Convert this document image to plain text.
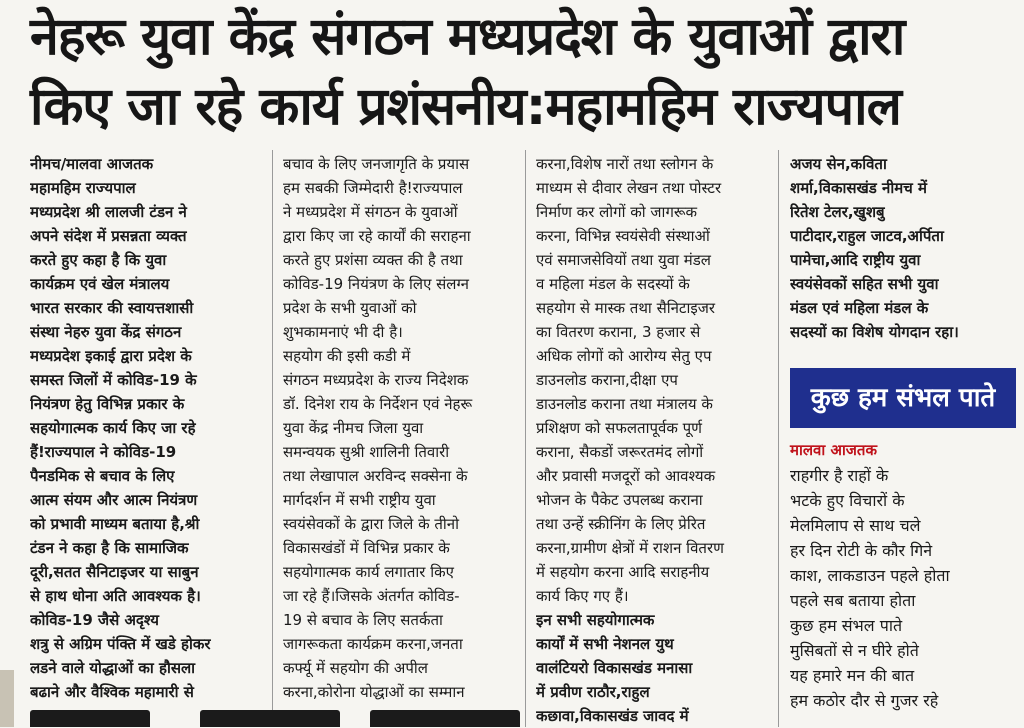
नेहरू युवा केंद्र संगठन मध्यप्रदेश के युवाओं द्वारा
किए जा रहे कार्य प्रशंसनीय:महामहिम राज्यपाल
नीमच/मालवा आजतक
महामहिम राज्यपाल
मध्यप्रदेश श्री लालजी टंडन ने
अपने संदेश में प्रसन्नता व्यक्त
करते हुए कहा है कि युवा
कार्यक्रम एवं खेल मंत्रालय
भारत सरकार की स्वायत्तशासी
संस्था नेहरु युवा केंद्र संगठन
मध्यप्रदेश इकाई द्वारा प्रदेश के
समस्त जिलों में कोविड-19 के
नियंत्रण हेतु विभिन्न प्रकार के
सहयोगात्मक कार्य किए जा रहे
हैं!राज्यपाल ने कोविड-19
पैनडमिक से बचाव के लिए
आत्म संयम और आत्म नियंत्रण
को प्रभावी माध्यम बताया है,श्री
टंडन ने कहा है कि सामाजिक
दूरी,सतत सैनिटाइजर या साबुन
से हाथ धोना अति आवश्यक है।
कोविड-19 जैसे अदृश्य
शत्रु से अग्रिम पंक्ति में खडे होकर
लडने वाले योद्धाओं का हौसला
बढाने और वैश्विक महामारी से
बचाव के लिए जनजागृति के प्रयास
हम सबकी जिम्मेदारी है!राज्यपाल
ने मध्यप्रदेश में संगठन के युवाओं
द्वारा किए जा रहे कार्यों की सराहना
करते हुए प्रशंसा व्यक्त की है तथा
कोविड-19 नियंत्रण के लिए संलग्न
प्रदेश के सभी युवाओं को
शुभकामनाएं भी दी है।
सहयोग की इसी कडी में
संगठन मध्यप्रदेश के राज्य निदेशक
डॉ. दिनेश राय के निर्देशन एवं नेहरू
युवा केंद्र नीमच जिला युवा
समन्वयक सुश्री शालिनी तिवारी
तथा लेखापाल अरविन्द सक्सेना के
मार्गदर्शन में सभी राष्ट्रीय युवा
स्वयंसेवकों के द्वारा जिले के तीनो
विकासखंडों में विभिन्न प्रकार के
सहयोगात्मक कार्य लगातार किए
जा रहे हैं।जिसके अंतर्गत कोविड-
19 से बचाव के लिए सतर्कता
जागरूकता कार्यक्रम करना,जनता
कर्फ्यू में सहयोग की अपील
करना,कोरोना योद्धाओं का सम्मान
करना,विशेष नारों तथा स्लोगन के
माध्यम से दीवार लेखन तथा पोस्टर
निर्माण कर लोगों को जागरूक
करना, विभिन्न स्वयंसेवी संस्थाओं
एवं समाजसेवियों तथा युवा मंडल
व महिला मंडल के सदस्यों के
सहयोग से मास्क तथा सैनिटाइजर
का वितरण कराना, 3 हजार से
अधिक लोगों को आरोग्य सेतु एप
डाउनलोड कराना,दीक्षा एप
डाउनलोड कराना तथा मंत्रालय के
प्रशिक्षण को सफलतापूर्वक पूर्ण
कराना, सैकडों जरूरतमंद लोगों
और प्रवासी मजदूरों को आवश्यक
भोजन के पैकेट उपलब्ध कराना
तथा उन्हें स्क्रीनिंग के लिए प्रेरित
करना,ग्रामीण क्षेत्रों में राशन वितरण
में सहयोग करना आदि सराहनीय
कार्य किए गए हैं।
इन सभी सहयोगात्मक
कार्यों में सभी नेशनल युथ
वालंटियरो विकासखंड मनासा
में प्रवीण राठौर,राहुल
कछावा,विकासखंड जावद में
अजय सेन,कविता
शर्मा,विकासखंड नीमच में
रितेश टेलर,खुशबु
पाटीदार,राहुल जाटव,अर्पिता
पामेचा,आदि राष्ट्रीय युवा
स्वयंसेवकों सहित सभी युवा
मंडल एवं महिला मंडल के
सदस्यों का विशेष योगदान रहा।
कुछ हम संभल पाते
मालवा आजतक
राहगीर है राहों के
भटके हुए विचारों के
मेलमिलाप से साथ चले
हर दिन रोटी के कौर गिने
काश, लाकडाउन पहले होता
पहले सब बताया होता
कुछ हम संभल पाते
मुसिबतों से न घीरे होते
यह हमारे मन की बात
हम कठोर दौर से गुजर रहे
